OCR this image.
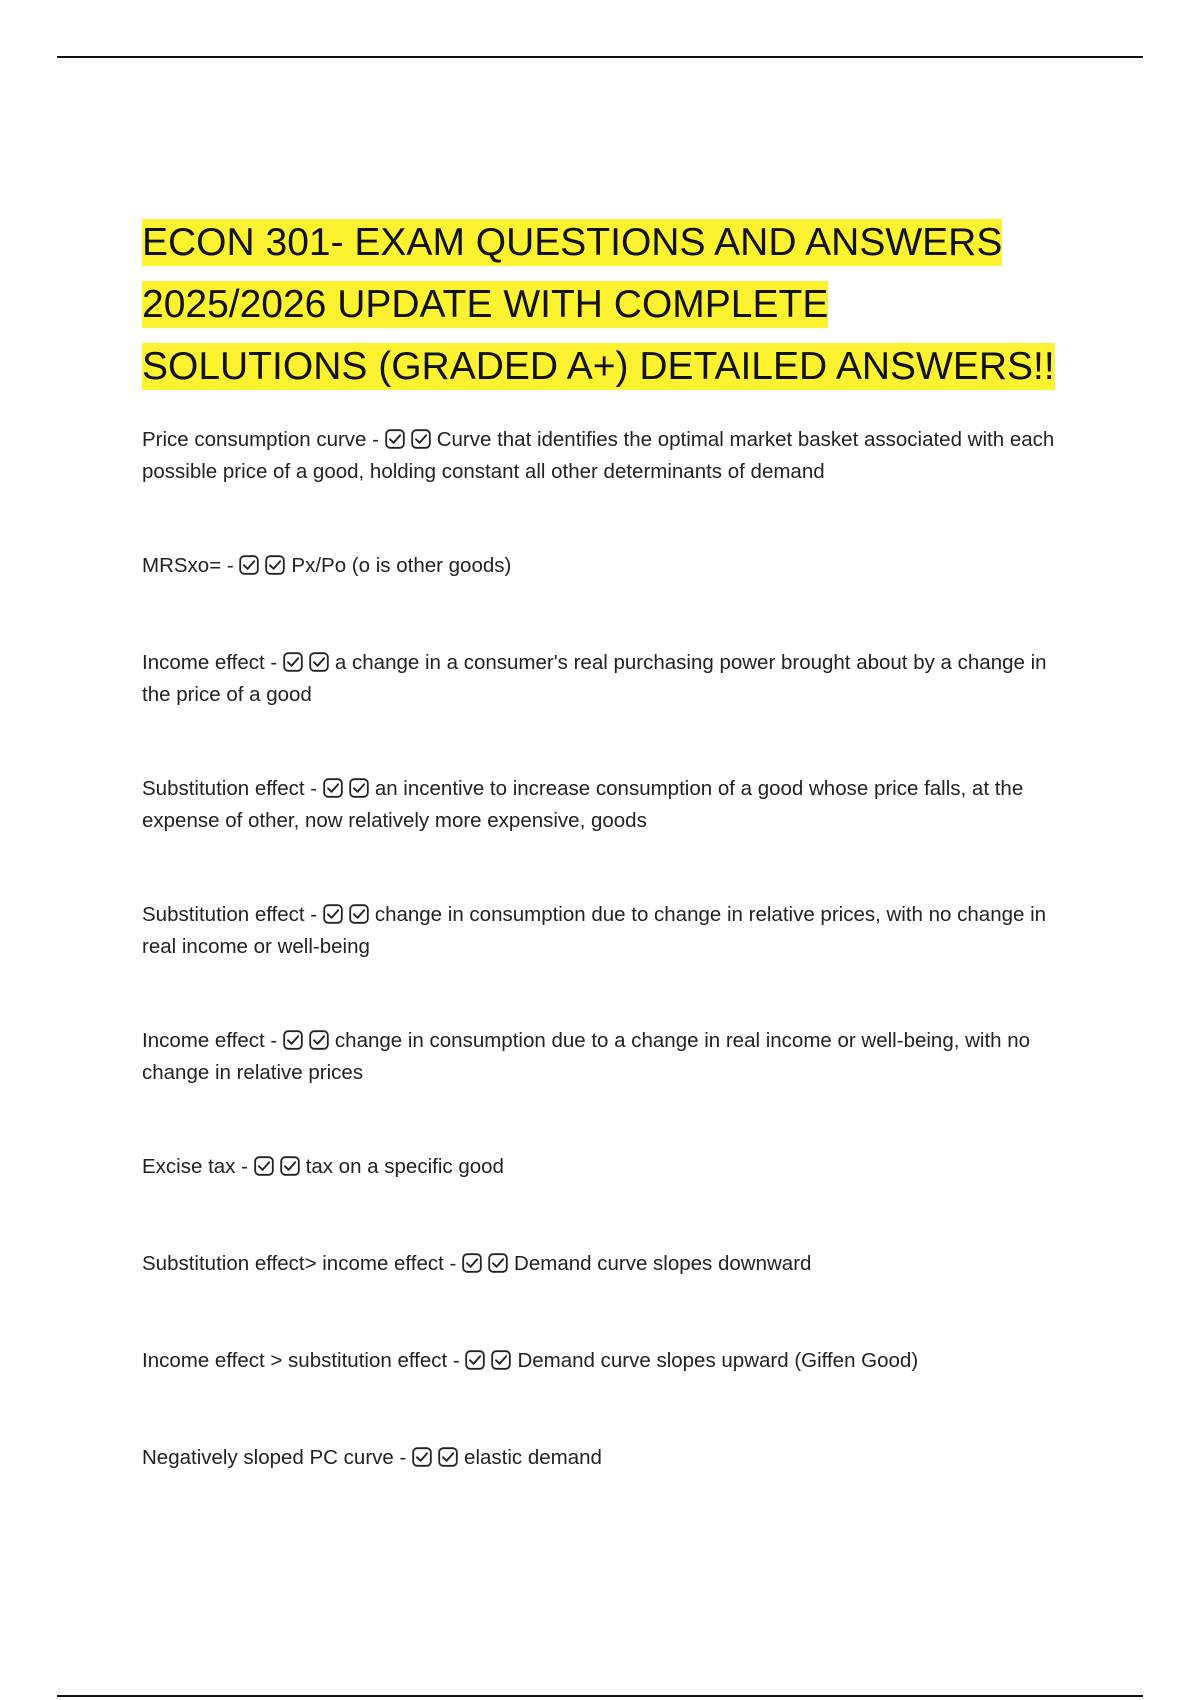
ECON 301- EXAM QUESTIONS AND ANSWERS 2025/2026 UPDATE WITH COMPLETE SOLUTIONS (GRADED A+) DETAILED ANSWERS!!
Price consumption curve -	Curve that identifies the optimal market basket associated with each possible price of a good, holding constant all other determinants of demand
MRSxo= -	Px/Po (o is other goods)
Income effect -	a change in a consumer's real purchasing power brought about by a change in the price of a good
Substitution effect -	an incentive to increase consumption of a good whose price falls, at the expense of other, now relatively more expensive, goods
Substitution effect -	change in consumption due to change in relative prices, with no change in real income or well-being
Income effect -	change in consumption due to a change in real income or well-being, with no change in relative prices
Excise tax -	tax on a specific good
Substitution effect> income effect -	Demand curve slopes downward
Income effect > substitution effect -	Demand curve slopes upward (Giffen Good)
Negatively sloped PC curve -	elastic demand
